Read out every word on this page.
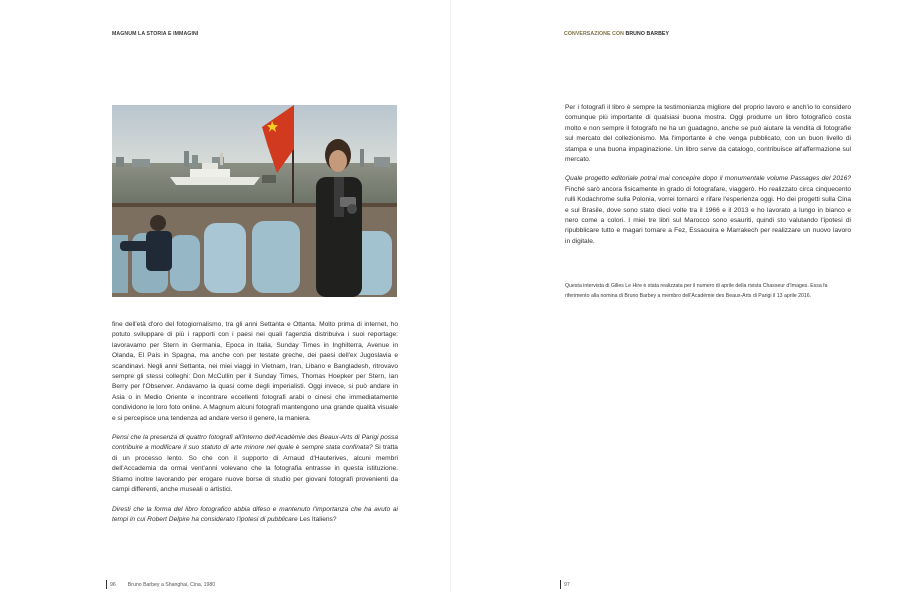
MAGNUM LA STORIA E IMMAGINI

fine dell'età d'oro del fotogiornalismo, tra gli anni Settanta e Ottanta. Molto prima di internet, ho potuto sviluppare di più i rapporti con i paesi nei quali l'agenzia distribuiva i suoi reportage: lavoravamo per Stern in Germania, Epoca in Italia, Sunday Times in Inghilterra, Avenue in Olanda, El País in Spagna, ma anche con per testate greche, dei paesi dell'ex Jugoslavia e scandinavi. Negli anni Settanta, nei miei viaggi in Vietnam, Iran, Libano e Bangladesh, ritrovavo sempre gli stessi colleghi: Don McCullin per il Sunday Times, Thomas Hoepker per Stern, Ian Berry per l'Observer. Andavamo la quasi come degli imperialisti. Oggi invece, si può andare in Asia o in Medio Oriente e incontrare eccellenti fotografi arabi o cinesi che immediatamente condividono le loro foto online. A Magnum alcuni fotografi mantengono una grande qualità visuale e si percepisce una tendenza ad andare verso il genere, la maniera.

Pensi che la presenza di quattro fotografi all'interno dell'Académie des Beaux-Arts di Parigi possa contribuire a modificare il suo statuto di arte minore nel quale è sempre stata confinata? Si tratta di un processo lento. So che con il supporto di Arnaud d'Hauterives, alcuni membri dell'Accademia da ormai vent'anni volevano che la fotografia entrasse in questa istituzione. Stiamo inoltre lavorando per erogare nuove borse di studio per giovani fotografi provenienti da campi differenti, anche museali o artistici.

Diresti che la forma del libro fotografico abbia difeso e mantenuto l'importanza che ha avuto ai tempi in cui Robert Delpire ha considerato l'ipotesi di pubblicare Les Italiens?

96 Bruno Barbey a Shanghai, Cina, 1980
CONVERSAZIONE CON BRUNO BARBEY

Per i fotografi il libro è sempre la testimonianza migliore del proprio lavoro e anch'io lo considero comunque più importante di qualsiasi buona mostra. Oggi produrre un libro fotografico costa molto e non sempre il fotografo ne ha un guadagno, anche se può aiutare la vendita di fotografie sul mercato del collezionismo. Ma l'importante è che venga pubblicato, con un buon livello di stampa e una buona impaginazione. Un libro serve da catalogo, contribuisce all'affermazione sul mercato.

Quale progetto editoriale potrai mai concepire dopo il monumentale volume Passages del 2016? Finché sarò ancora fisicamente in grado di fotografare, viaggerò. Ho realizzato circa cinquecento rulli Kodachrome sulla Polonia, vorrei tornarci e rifare l'esperienza oggi. Ho dei progetti sulla Cina e sul Brasile, dove sono stato dieci volte tra il 1966 e il 2013 e ho lavorato a lungo in bianco e nero come a colori. I miei tre libri sul Marocco sono esauriti, quindi sto valutando l'ipotesi di ripubblicare tutto e magari tornare a Fez, Essaouira e Marrakech per realizzare un nuovo lavoro in digitale.

Questa intervista di Gilles Le Hire è stata realizzata per il numero di aprile della rivista Chasseur d'Images. Essa fa riferimento alla nomina di Bruno Barbey a membro dell'Académie des Beaux-Arts di Parigi il 13 aprile 2016.

97
